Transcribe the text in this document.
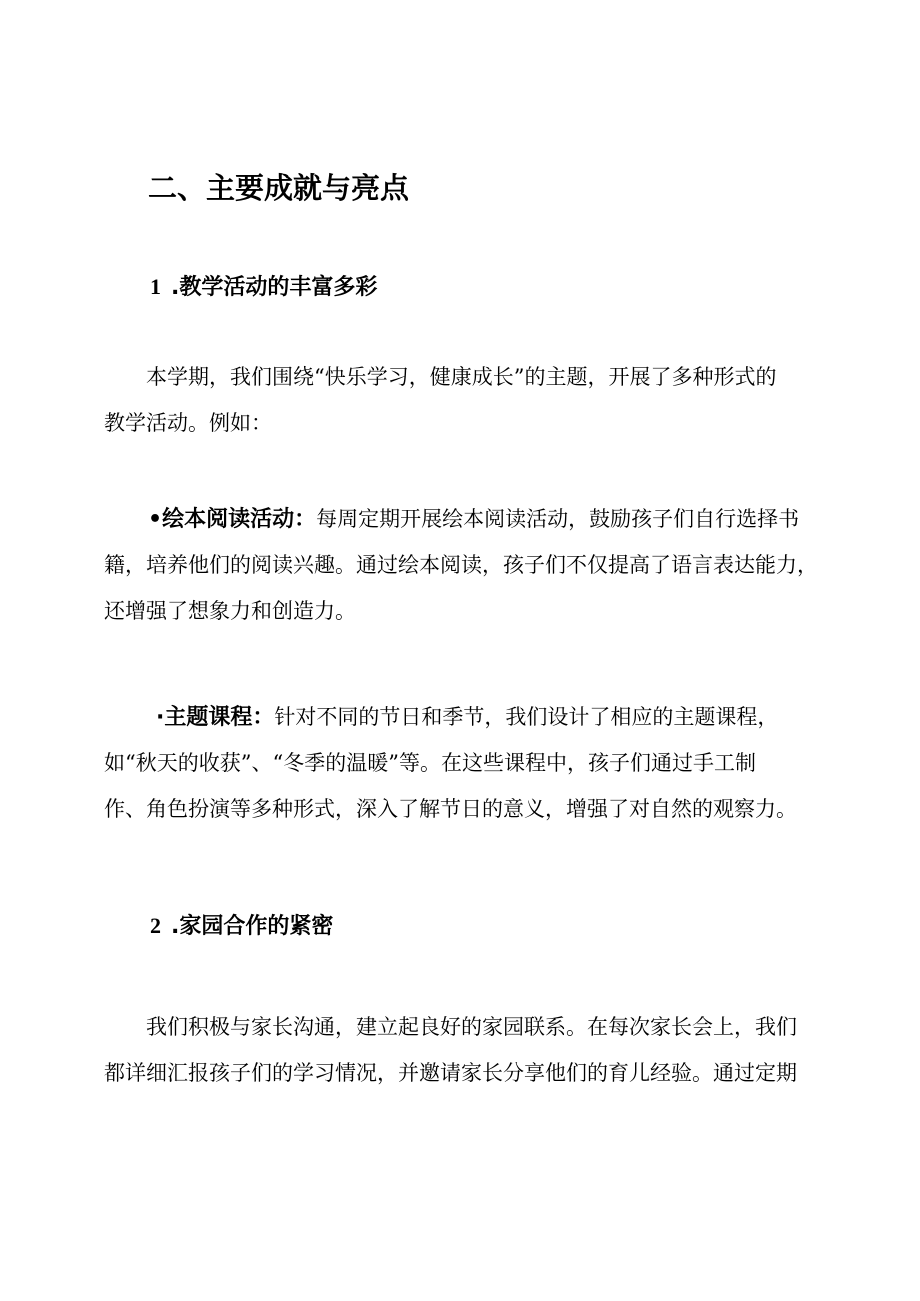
二、主要成就与亮点
1 .教学活动的丰富多彩
本学期，我们围绕“快乐学习，健康成长”的主题，开展了多种形式的
教学活动。例如：
•绘本阅读活动：每周定期开展绘本阅读活动，鼓励孩子们自行选择书
籍，培养他们的阅读兴趣。通过绘本阅读，孩子们不仅提高了语言表达能力，
还增强了想象力和创造力。
·主题课程：针对不同的节日和季节，我们设计了相应的主题课程，
如“秋天的收获”、“冬季的温暖”等。在这些课程中，孩子们通过手工制
作、角色扮演等多种形式，深入了解节日的意义，增强了对自然的观察力。
2 .家园合作的紧密
我们积极与家长沟通，建立起良好的家园联系。在每次家长会上，我们
都详细汇报孩子们的学习情况，并邀请家长分享他们的育儿经验。通过定期
